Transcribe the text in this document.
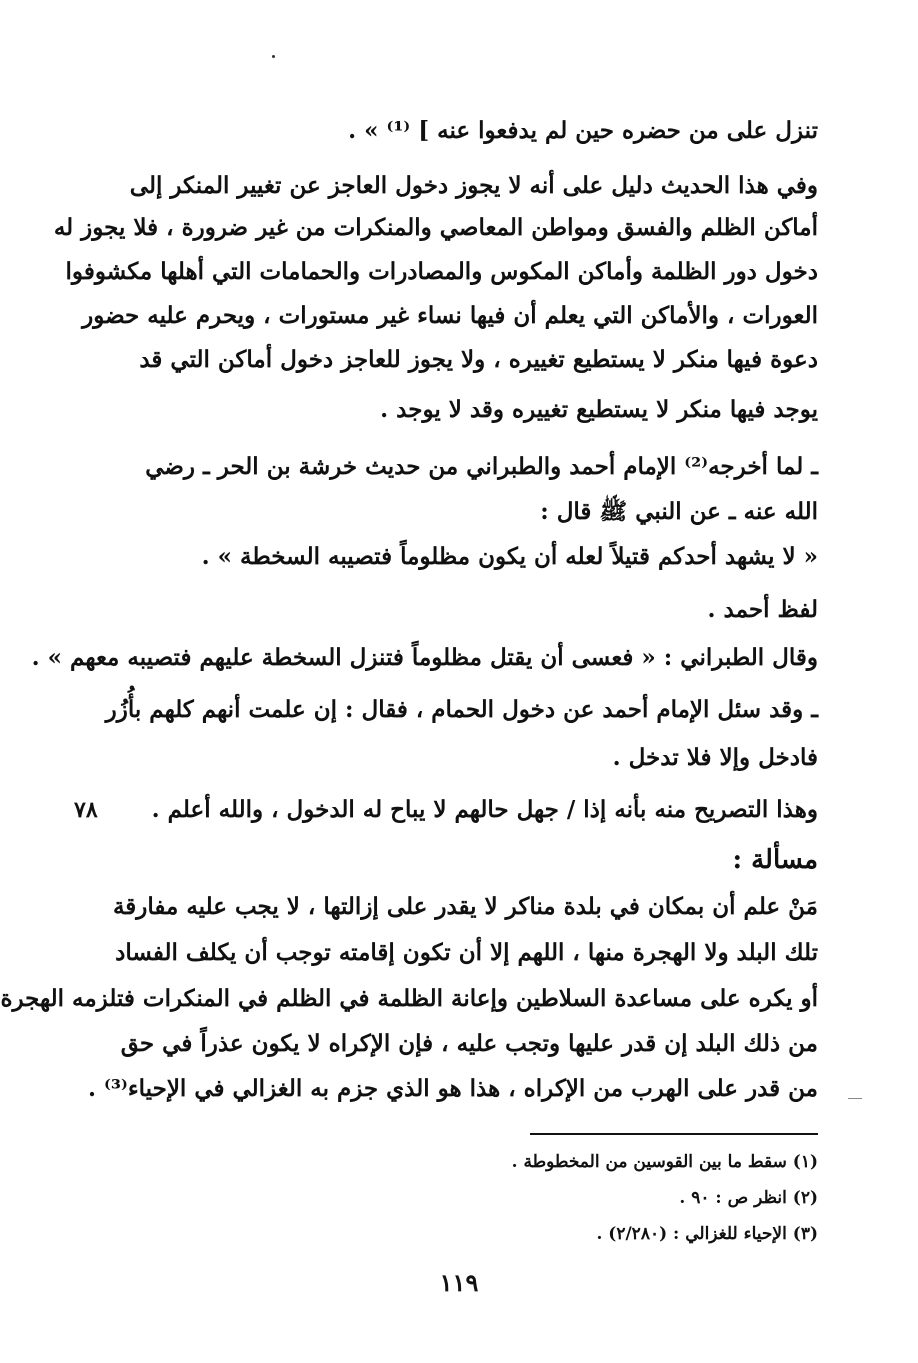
تنزل على من حضره حين لم يدفعوا عنه ] ⁽¹⁾ » .
وفي هذا الحديث دليل على أنه لا يجوز دخول العاجز عن تغيير المنكر إلى
أماكن الظلم والفسق ومواطن المعاصي والمنكرات من غير ضرورة ، فلا يجوز له
دخول دور الظلمة وأماكن المكوس والمصادرات والحمامات التي أهلها مكشوفوا
العورات ، والأماكن التي يعلم أن فيها نساء غير مستورات ، ويحرم عليه حضور
دعوة فيها منكر لا يستطيع تغييره ، ولا يجوز للعاجز دخول أماكن التي قد
يوجد فيها منكر لا يستطيع تغييره وقد لا يوجد .
ـ لما أخرجه⁽²⁾ الإمام أحمد والطبراني من حديث خرشة بن الحر ـ رضي
الله عنه ـ عن النبي ﷺ قال :
« لا يشهد أحدكم قتيلاً لعله أن يكون مظلوماً فتصيبه السخطة » .
لفظ أحمد .
وقال الطبراني : « فعسى أن يقتل مظلوماً فتنزل السخطة عليهم فتصيبه معهم » .
ـ وقد سئل الإمام أحمد عن دخول الحمام ، فقال : إن علمت أنهم كلهم بأُزُر
فادخل وإلا فلا تدخل .
وهذا التصريح منه بأنه إذا / جهل حالهم لا يباح له الدخول ، والله أعلم .
٧٨
مسألة :
مَنْ علم أن بمكان في بلدة مناكر لا يقدر على إزالتها ، لا يجب عليه مفارقة
تلك البلد ولا الهجرة منها ، اللهم إلا أن تكون إقامته توجب أن يكلف الفساد
أو يكره على مساعدة السلاطين وإعانة الظلمة في الظلم في المنكرات فتلزمه الهجرة
من ذلك البلد إن قدر عليها وتجب عليه ، فإن الإكراه لا يكون عذراً في حق
من قدر على الهرب من الإكراه ، هذا هو الذي جزم به الغزالي في الإحياء⁽³⁾ .
(١) سقط ما بين القوسين من المخطوطة .
(٢) انظر ص : ٩٠ .
(٣) الإحياء للغزالي : (٢/٢٨٠) .
١١٩
